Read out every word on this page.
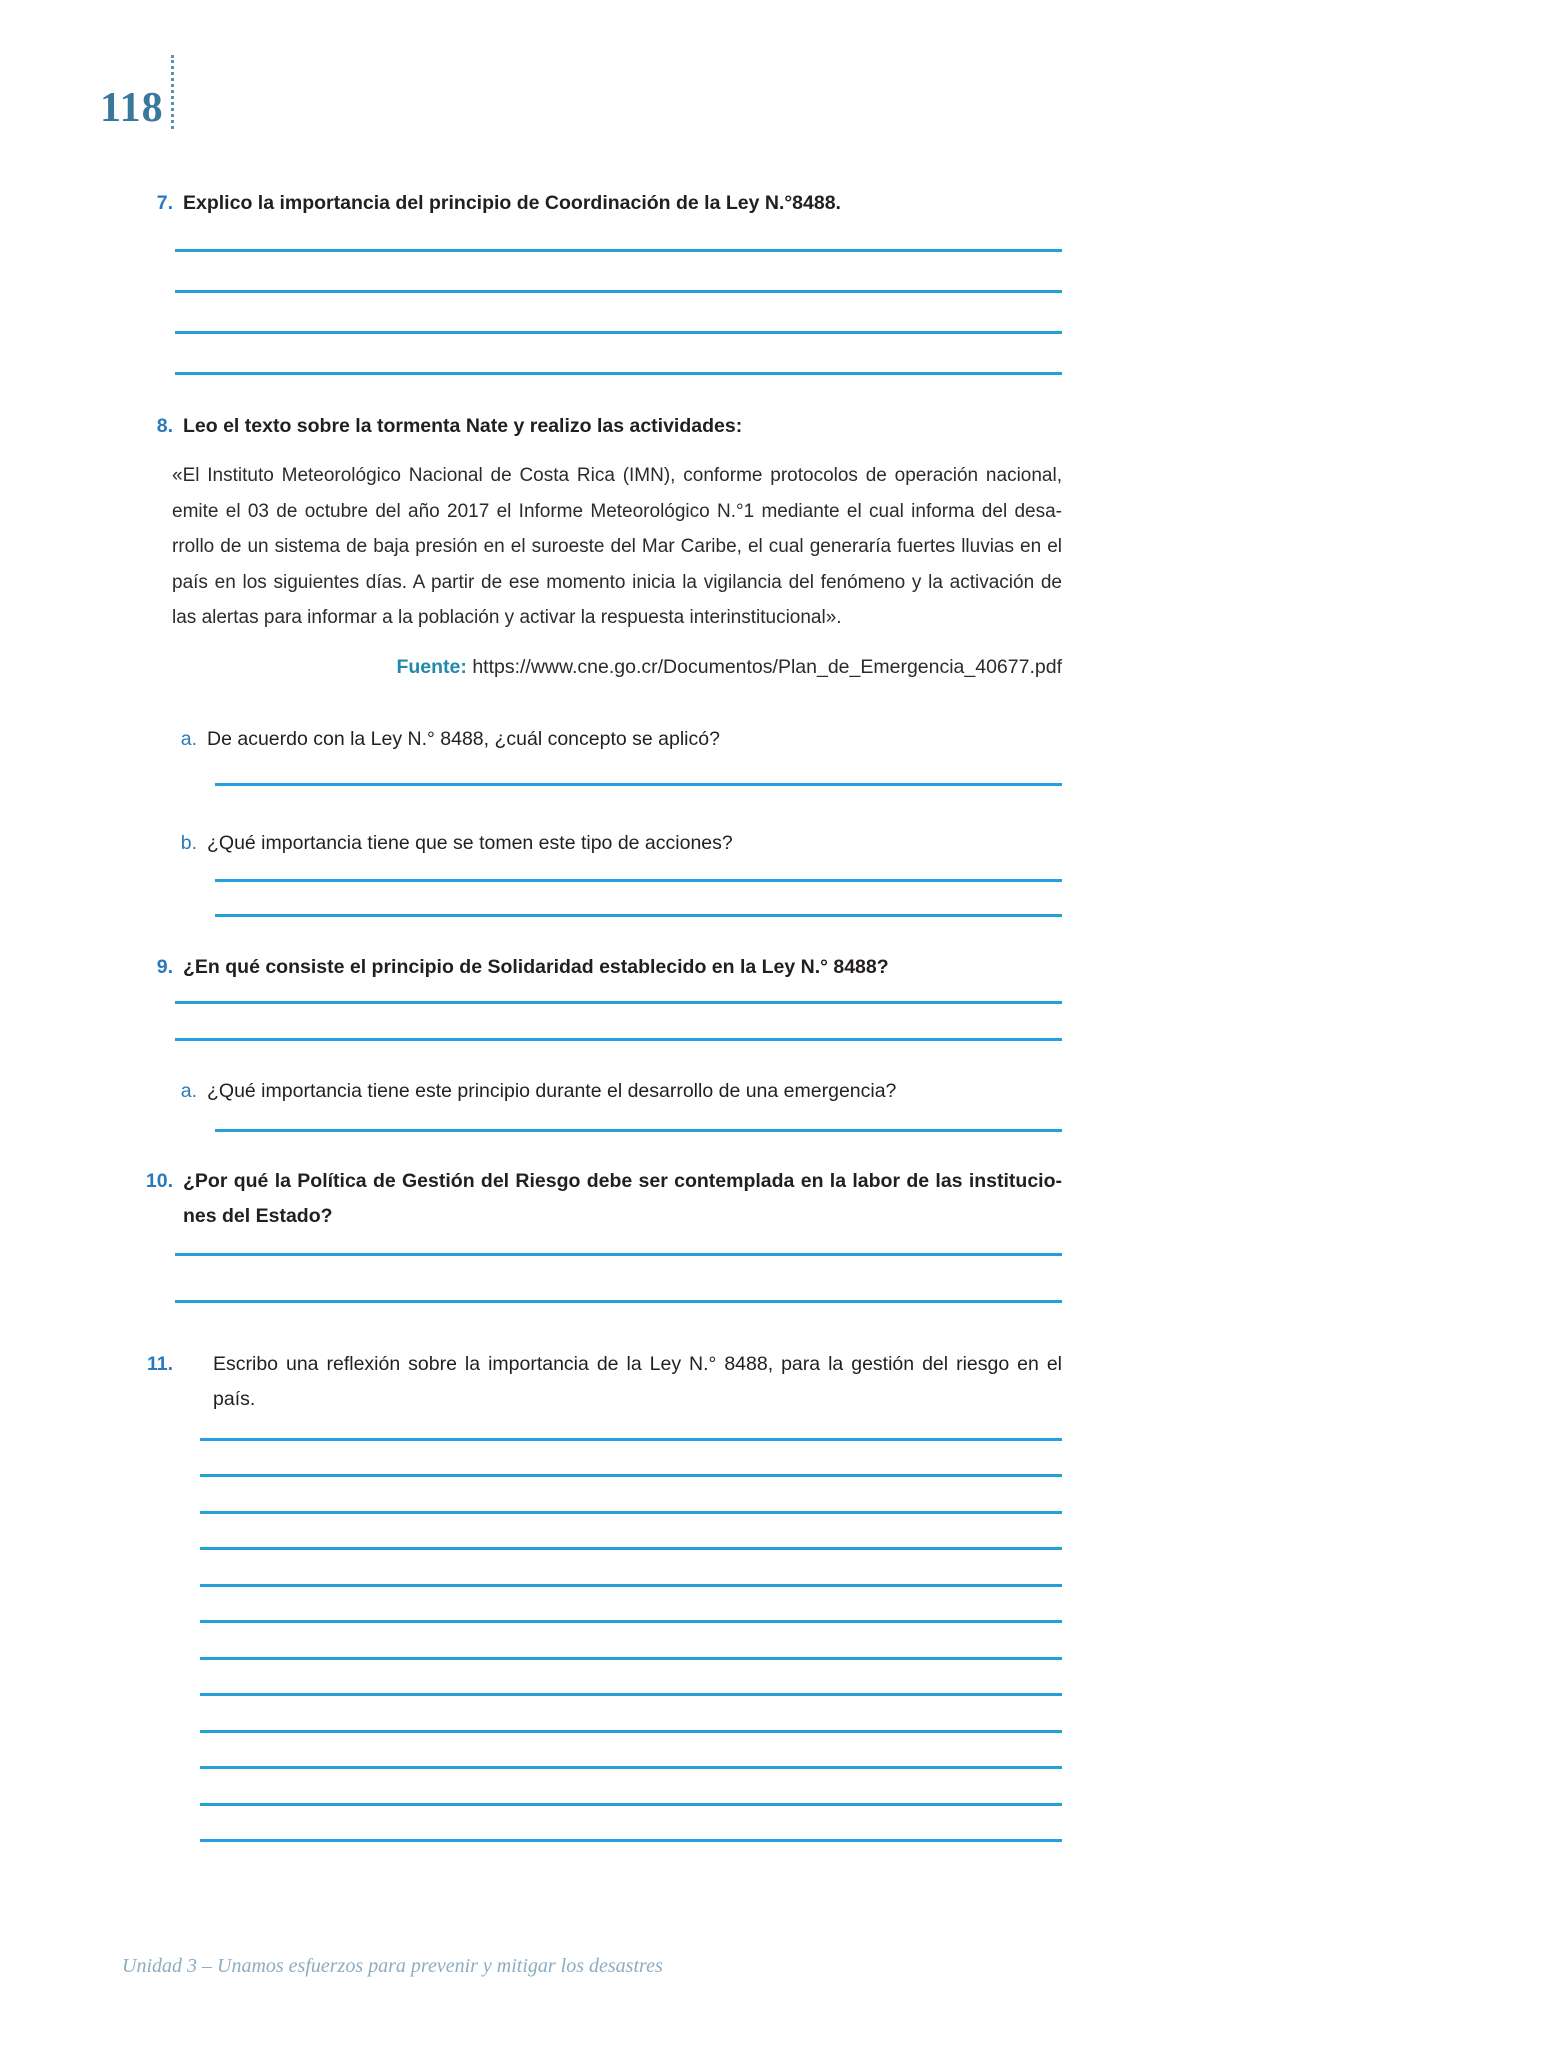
118
7. Explico la importancia del principio de Coordinación de la Ley N.°8488.
8. Leo el texto sobre la tormenta Nate y realizo las actividades:
«El Instituto Meteorológico Nacional de Costa Rica (IMN), conforme protocolos de operación nacional, emite el 03 de octubre del año 2017 el Informe Meteorológico N.°1 mediante el cual informa del desarrollo de un sistema de baja presión en el suroeste del Mar Caribe, el cual generaría fuertes lluvias en el país en los siguientes días. A partir de ese momento inicia la vigilancia del fenómeno y la activación de las alertas para informar a la población y activar la respuesta interinstitucional».
Fuente: https://www.cne.go.cr/Documentos/Plan_de_Emergencia_40677.pdf
a. De acuerdo con la Ley N.° 8488, ¿cuál concepto se aplicó?
b. ¿Qué importancia tiene que se tomen este tipo de acciones?
9. ¿En qué consiste el principio de Solidaridad establecido en la Ley N.° 8488?
a. ¿Qué importancia tiene este principio durante el desarrollo de una emergencia?
10. ¿Por qué la Política de Gestión del Riesgo debe ser contemplada en la labor de las instituciones del Estado?
11. Escribo una reflexión sobre la importancia de la Ley N.° 8488, para la gestión del riesgo en el país.
Unidad 3 – Unamos esfuerzos para prevenir y mitigar los desastres
